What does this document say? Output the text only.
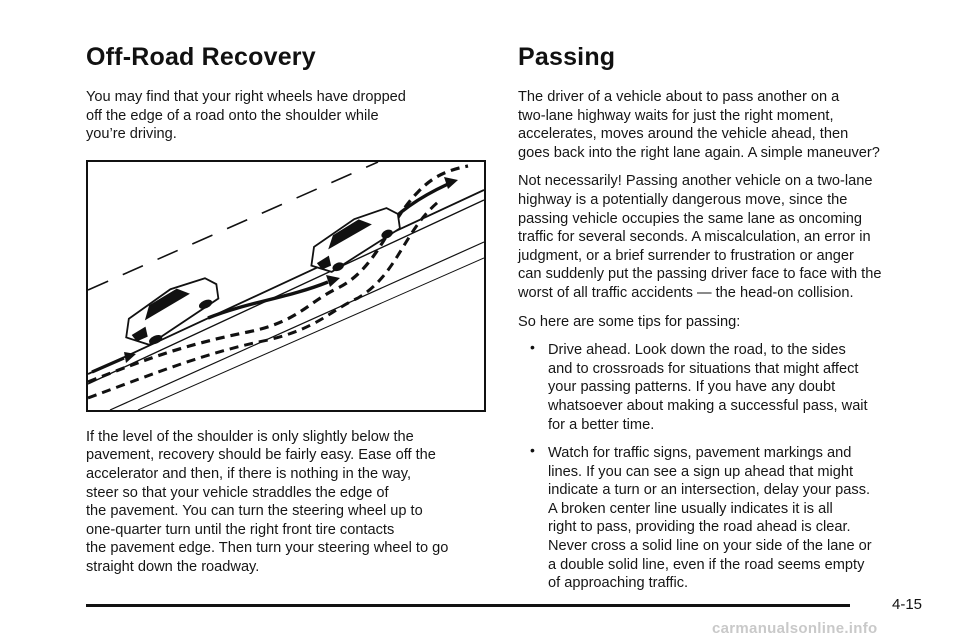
Off-Road Recovery

You may find that your right wheels have dropped
off the edge of a road onto the shoulder while
you’re driving.

If the level of the shoulder is only slightly below the
pavement, recovery should be fairly easy. Ease off the
accelerator and then, if there is nothing in the way,
steer so that your vehicle straddles the edge of
the pavement. You can turn the steering wheel up to
one-quarter turn until the right front tire contacts
the pavement edge. Then turn your steering wheel to go
straight down the roadway.

Passing

The driver of a vehicle about to pass another on a
two-lane highway waits for just the right moment,
accelerates, moves around the vehicle ahead, then
goes back into the right lane again. A simple maneuver?

Not necessarily! Passing another vehicle on a two-lane
highway is a potentially dangerous move, since the
passing vehicle occupies the same lane as oncoming
traffic for several seconds. A miscalculation, an error in
judgment, or a brief surrender to frustration or anger
can suddenly put the passing driver face to face with the
worst of all traffic accidents — the head-on collision.

So here are some tips for passing:

• Drive ahead. Look down the road, to the sides
and to crossroads for situations that might affect
your passing patterns. If you have any doubt
whatsoever about making a successful pass, wait
for a better time.

• Watch for traffic signs, pavement markings and
lines. If you can see a sign up ahead that might
indicate a turn or an intersection, delay your pass.
A broken center line usually indicates it is all
right to pass, providing the road ahead is clear.
Never cross a solid line on your side of the lane or
a double solid line, even if the road seems empty
of approaching traffic.

4-15
carmanualsonline.info
